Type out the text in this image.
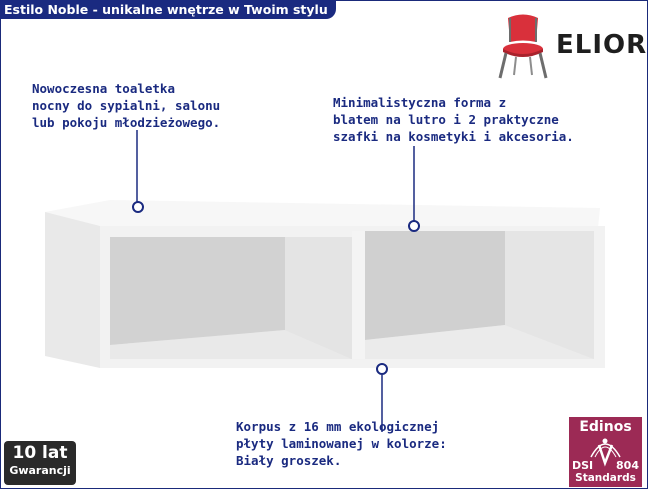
Estilo Noble - unikalne wnętrze w Twoim stylu
ELIOR
Nowoczesna toaletka
nocny do sypialni, salonu
lub pokoju młodzieżowego.
Minimalistyczna forma z
blatem na lutro i 2 praktyczne
szafki na kosmetyki i akcesoria.
Korpus z 16 mm ekologicznej
płyty laminowanej w kolorze:
Biały groszek.
10 lat
Gwarancji
Edinos
DSI 804
Standards
